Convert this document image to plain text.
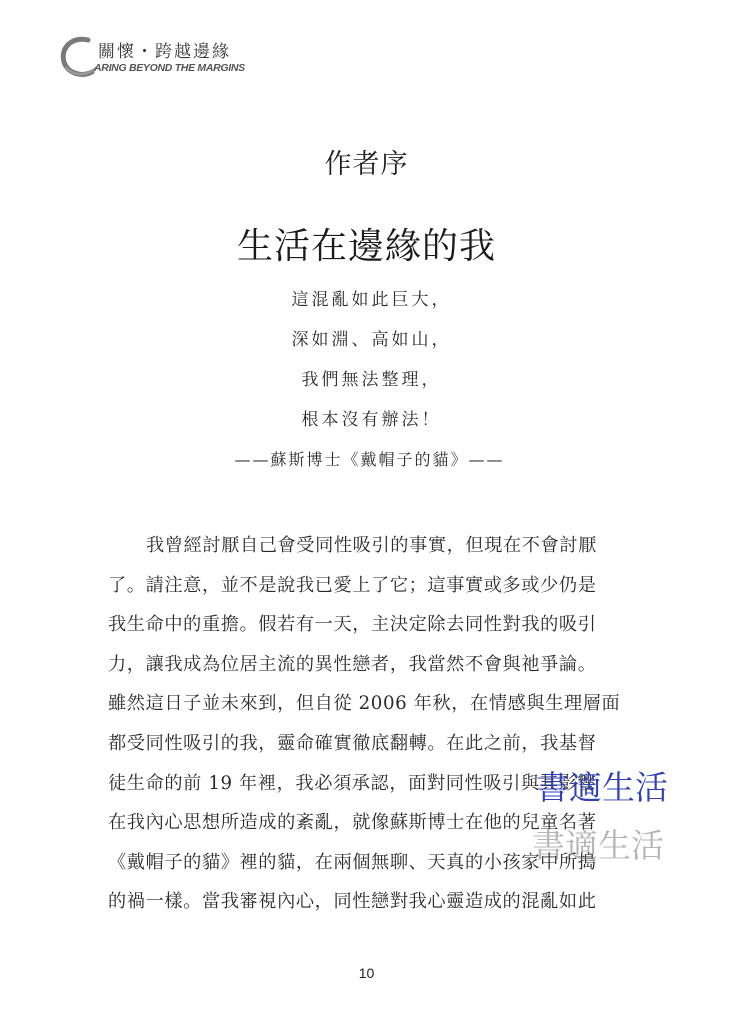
關懷・跨越邊緣
ARING BEYOND THE MARGINS
作者序
生活在邊緣的我
這混亂如此巨大，
深如淵、高如山，
我們無法整理，
根本沒有辦法！
——蘇斯博士《戴帽子的貓》——
我曾經討厭自己會受同性吸引的事實，但現在不會討厭
了。請注意，並不是說我已愛上了它；這事實或多或少仍是
我生命中的重擔。假若有一天，主決定除去同性對我的吸引
力，讓我成為位居主流的異性戀者，我當然不會與祂爭論。
雖然這日子並未來到，但自從 2006 年秋，在情感與生理層面
都受同性吸引的我，靈命確實徹底翻轉。在此之前，我基督
徒生命的前 19 年裡，我必須承認，面對同性吸引與其影響
在我內心思想所造成的紊亂，就像蘇斯博士在他的兒童名著
《戴帽子的貓》裡的貓，在兩個無聊、天真的小孩家中所搗
的禍一樣。當我審視內心，同性戀對我心靈造成的混亂如此
書適生活
書適生活
10
